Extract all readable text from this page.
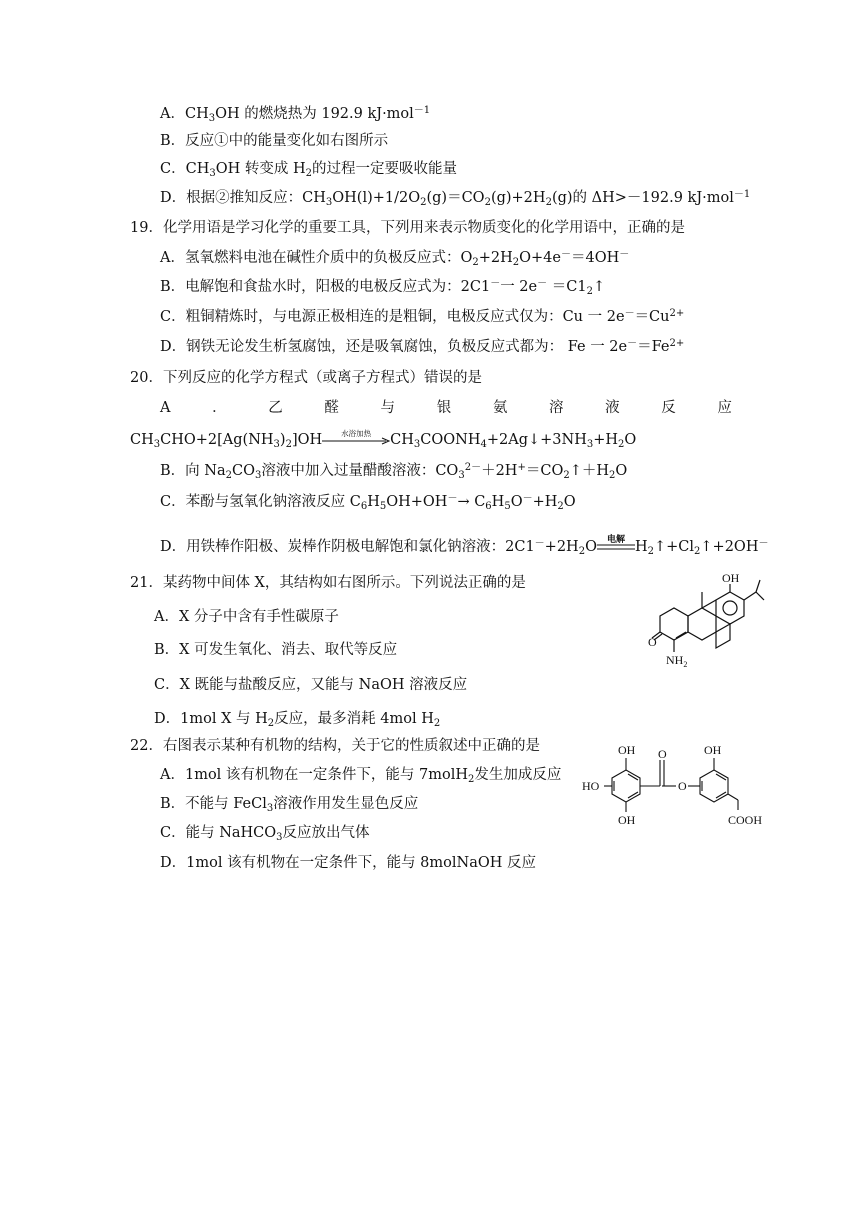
A．$CH_3OH$ 的燃烧热为 192.9 kJ·mol$^{-1}$
B．反应①中的能量变化如右图所示
C．$CH_3OH$ 转变成 $H_2$的过程一定要吸收能量
D．根据②推知反应：$CH_3OH(l)+1/2O_2(g)=CO_2(g)+2H_2(g)$的 ΔH>－192.9 kJ·mol$^{-1}$
19．化学用语是学习化学的重要工具，下列用来表示物质变化的化学用语中，正确的是
A．氢氧燃料电池在碱性介质中的负极反应式：$O_2+2H_2O+4e^-=4OH^-$
B．电解饱和食盐水时，阳极的电极反应式为：2C1－一 $2e^- =C1_2↑$
C．粗铜精炼时，与电源正极相连的是粗铜，电极反应式仅为：Cu 一 $2e^-=Cu^{2+}$
D．钢铁无论发生析氢腐蚀，还是吸氧腐蚀，负极反应式都为： Fe 一 $2e^-=Fe^{2+}$
20．下列反应的化学方程式（或离子方程式）错误的是
A	．	乙	醛	与	银	氨	溶	液	反	应
$CH_3CHO+2[Ag(NH_3)_2]OH$	水浴加热	$CH_3COONH_4+2Ag↓+3NH_3+H_2O$
B．向 $Na_2CO_3$溶液中加入过量醋酸溶液：$CO_3^{2-}+2H^+=CO_2↑+H_2O$
C．苯酚与氢氧化钠溶液反应 $C_6H_5OH+OH^-\to C_6H_5O^-+H_2O$
D．用铁棒作阳极、炭棒作阴极电解饱和氯化钠溶液：$2C1^-+2H_2O$	电解 $H_2↑+Cl_2↑+2OH^-$
21．某药物中间体 X，其结构如右图所示。下列说法正确的是
A．X 分子中含有手性碳原子
B．X 可发生氧化、消去、取代等反应
C．X 既能与盐酸反应，又能与 NaOH 溶液反应
D．1mol X 与 $H_2$反应，最多消耗 4mol $H_2$
OH
O
$NH_2$
22．右图表示某种有机物的结构，关于它的性质叙述中正确的是
A．1mol 该有机物在一定条件下，能与 7molH$_2$发生加成反应
B．不能与 FeCl$_3$溶液作用发生显色反应
C．能与 NaHCO$_3$反应放出气体
D．1mol 该有机物在一定条件下，能与 8molNaOH 反应
OH
HO
OH
O
O
OH
COOH
